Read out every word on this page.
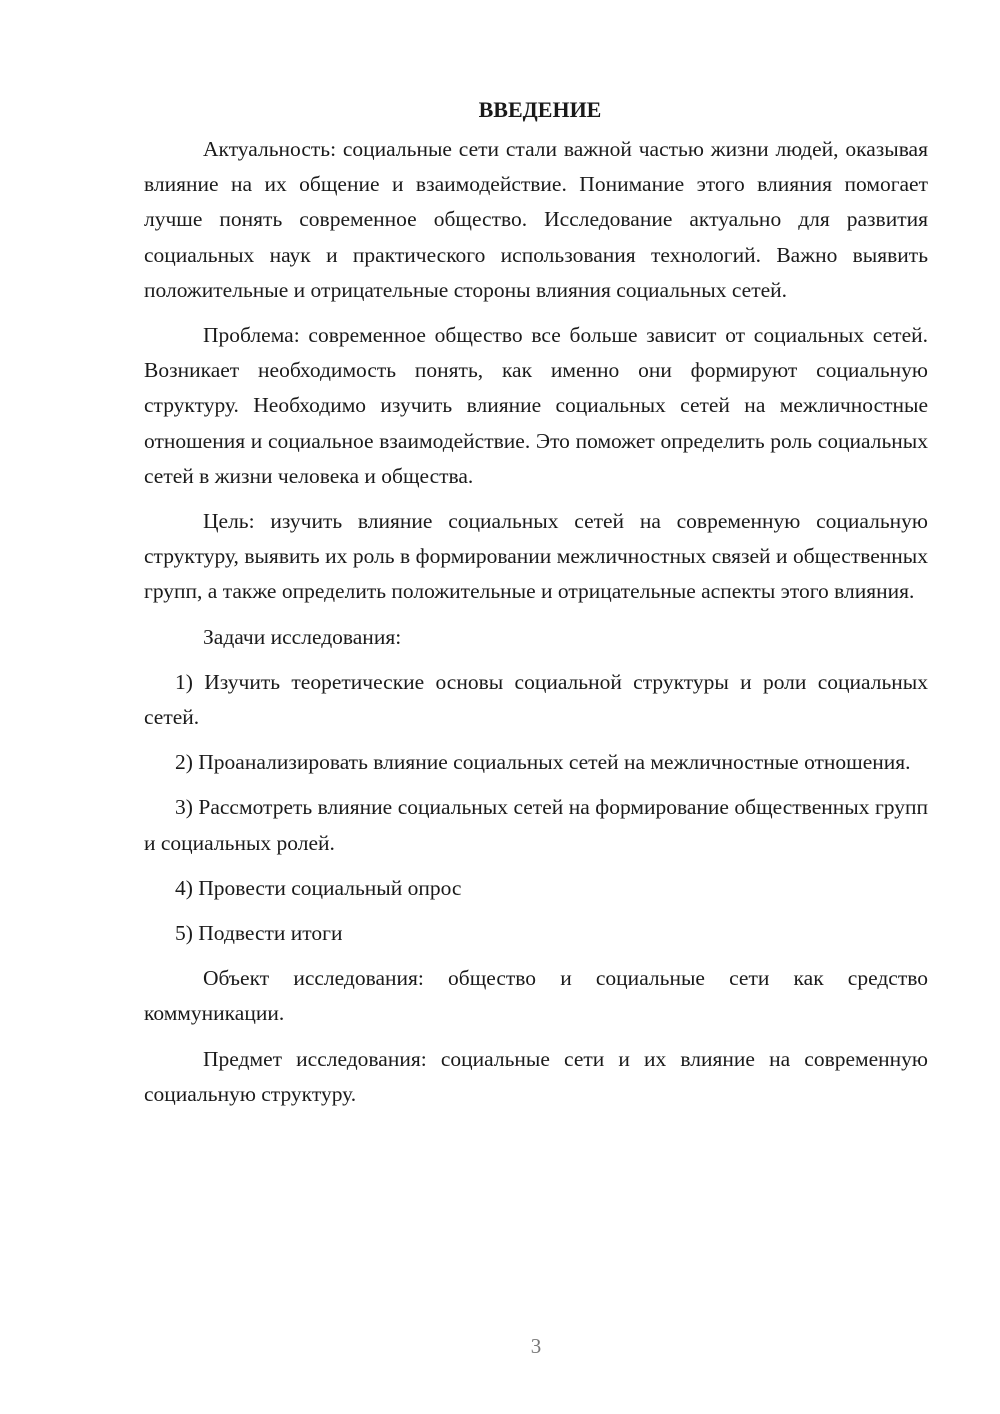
ВВЕДЕНИЕ

Актуальность: социальные сети стали важной частью жизни людей, оказывая влияние на их общение и взаимодействие. Понимание этого влияния помогает лучше понять современное общество. Исследование актуально для развития социальных наук и практического использования технологий. Важно выявить положительные и отрицательные стороны влияния социальных сетей.

Проблема: современное общество все больше зависит от социальных сетей. Возникает необходимость понять, как именно они формируют социальную структуру. Необходимо изучить влияние социальных сетей на межличностные отношения и социальное взаимодействие. Это поможет определить роль социальных сетей в жизни человека и общества.

Цель: изучить влияние социальных сетей на современную социальную структуру, выявить их роль в формировании межличностных связей и общественных групп, а также определить положительные и отрицательные аспекты этого влияния.

Задачи исследования:

1) Изучить теоретические основы социальной структуры и роли социальных сетей.

2) Проанализировать влияние социальных сетей на межличностные отношения.

3) Рассмотреть влияние социальных сетей на формирование общественных групп и социальных ролей.

4) Провести социальный опрос

5) Подвести итоги

Объект исследования: общество и социальные сети как средство коммуникации.

Предмет исследования: социальные сети и их влияние на современную социальную структуру.

3
